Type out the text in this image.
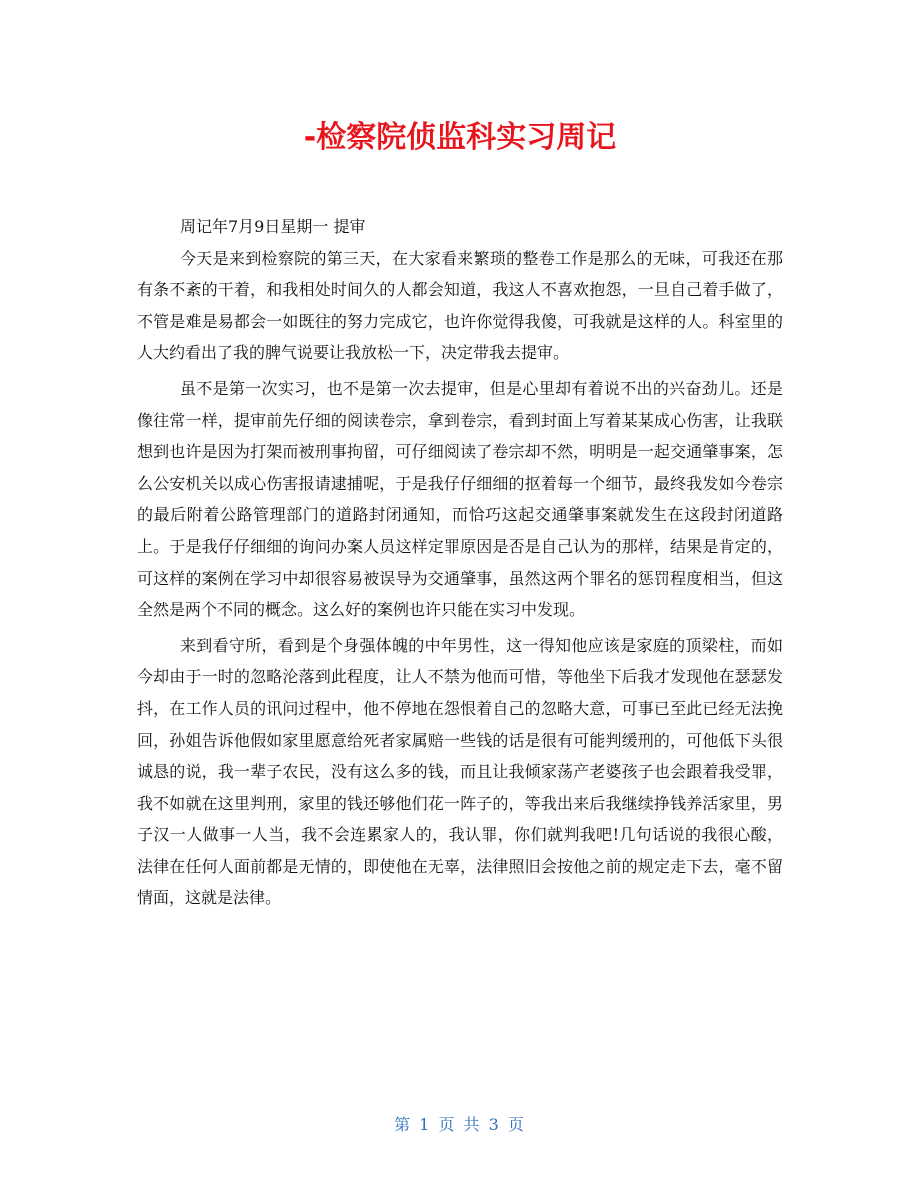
-检察院侦监科实习周记

周记年7月9日星期一 提审

今天是来到检察院的第三天，在大家看来繁琐的整卷工作是那么的无味，可我还在那有条不紊的干着，和我相处时间久的人都会知道，我这人不喜欢抱怨，一旦自己着手做了，不管是难是易都会一如既往的努力完成它，也许你觉得我傻，可我就是这样的人。科室里的人大约看出了我的脾气说要让我放松一下，决定带我去提审。

虽不是第一次实习，也不是第一次去提审，但是心里却有着说不出的兴奋劲儿。还是像往常一样，提审前先仔细的阅读卷宗，拿到卷宗，看到封面上写着某某成心伤害，让我联想到也许是因为打架而被刑事拘留，可仔细阅读了卷宗却不然，明明是一起交通肇事案，怎么公安机关以成心伤害报请逮捕呢，于是我仔仔细细的抠着每一个细节，最终我发如今卷宗的最后附着公路管理部门的道路封闭通知，而恰巧这起交通肇事案就发生在这段封闭道路上。于是我仔仔细细的询问办案人员这样定罪原因是否是自己认为的那样，结果是肯定的，可这样的案例在学习中却很容易被误导为交通肇事，虽然这两个罪名的惩罚程度相当，但这全然是两个不同的概念。这么好的案例也许只能在实习中发现。

来到看守所，看到是个身强体魄的中年男性，这一得知他应该是家庭的顶梁柱，而如今却由于一时的忽略沦落到此程度，让人不禁为他而可惜，等他坐下后我才发现他在瑟瑟发抖，在工作人员的讯问过程中，他不停地在怨恨着自己的忽略大意，可事已至此已经无法挽回，孙姐告诉他假如家里愿意给死者家属赔一些钱的话是很有可能判缓刑的，可他低下头很诚恳的说，我一辈子农民，没有这么多的钱，而且让我倾家荡产老婆孩子也会跟着我受罪，我不如就在这里判刑，家里的钱还够他们花一阵子的，等我出来后我继续挣钱养活家里，男子汉一人做事一人当，我不会连累家人的，我认罪，你们就判我吧!几句话说的我很心酸，法律在任何人面前都是无情的，即使他在无辜，法律照旧会按他之前的规定走下去，毫不留情面，这就是法律。

第 1 页 共 3 页
